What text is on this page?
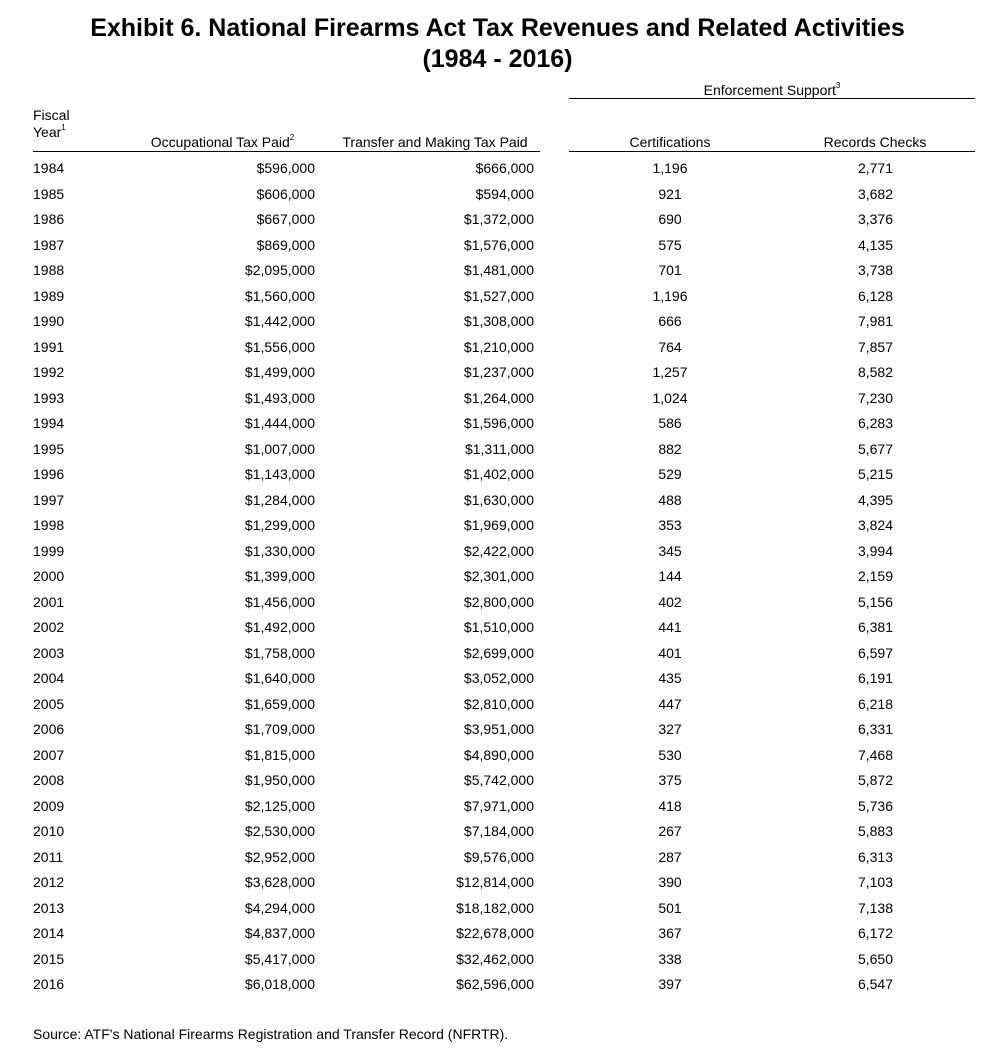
Exhibit 6. National Firearms Act Tax Revenues and Related Activities
(1984 - 2016)
Enforcement Support$^3$
Fiscal
Year$^1$
Occupational Tax Paid$^2$	Transfer and Making Tax Paid	Certifications	Records Checks
1984	$596,000	$666,000	1,196	2,771
1985	$606,000	$594,000	921	3,682
1986	$667,000	$1,372,000	690	3,376
1987	$869,000	$1,576,000	575	4,135
1988	$2,095,000	$1,481,000	701	3,738
1989	$1,560,000	$1,527,000	1,196	6,128
1990	$1,442,000	$1,308,000	666	7,981
1991	$1,556,000	$1,210,000	764	7,857
1992	$1,499,000	$1,237,000	1,257	8,582
1993	$1,493,000	$1,264,000	1,024	7,230
1994	$1,444,000	$1,596,000	586	6,283
1995	$1,007,000	$1,311,000	882	5,677
1996	$1,143,000	$1,402,000	529	5,215
1997	$1,284,000	$1,630,000	488	4,395
1998	$1,299,000	$1,969,000	353	3,824
1999	$1,330,000	$2,422,000	345	3,994
2000	$1,399,000	$2,301,000	144	2,159
2001	$1,456,000	$2,800,000	402	5,156
2002	$1,492,000	$1,510,000	441	6,381
2003	$1,758,000	$2,699,000	401	6,597
2004	$1,640,000	$3,052,000	435	6,191
2005	$1,659,000	$2,810,000	447	6,218
2006	$1,709,000	$3,951,000	327	6,331
2007	$1,815,000	$4,890,000	530	7,468
2008	$1,950,000	$5,742,000	375	5,872
2009	$2,125,000	$7,971,000	418	5,736
2010	$2,530,000	$7,184,000	267	5,883
2011	$2,952,000	$9,576,000	287	6,313
2012	$3,628,000	$12,814,000	390	7,103
2013	$4,294,000	$18,182,000	501	7,138
2014	$4,837,000	$22,678,000	367	6,172
2015	$5,417,000	$32,462,000	338	5,650
2016	$6,018,000	$62,596,000	397	6,547
Source: ATF's National Firearms Registration and Transfer Record (NFRTR).
